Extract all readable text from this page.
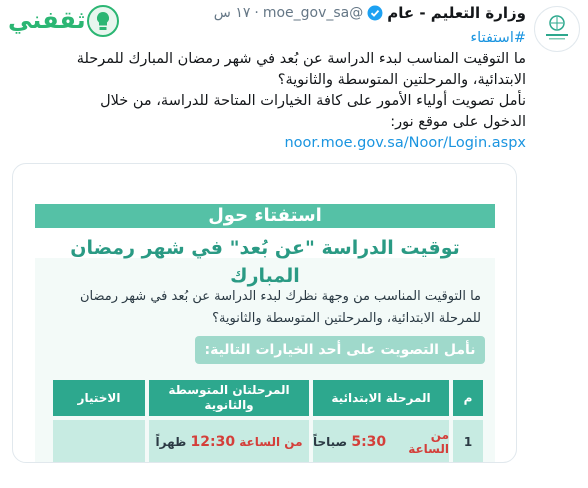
ثقفني	وزارة التعليم - عام
@moe_gov_sa
·
١٧ س
#استفتاء
ما التوقيت المناسب لبدء الدراسة عن بُعد في شهر رمضان المبارك للمرحلة الابتدائية، والمرحلتين المتوسطة والثانوية؟
نأمل تصويت أولياء الأمور على كافة الخيارات المتاحة للدراسة، من خلال الدخول على موقع نور:
noor.moe.gov.sa/Noor/Login.aspx
استفتاء حول
توقيت الدراسة "عن بُعد" في شهر رمضان المبارك
ما التوقيت المناسب من وجهة نظرك لبدء الدراسة عن بُعد في شهر رمضان للمرحلة الابتدائية، والمرحلتين المتوسطة والثانوية؟
نأمل التصويت على أحد الخيارات التالية:
م
المرحلة الابتدائية
المرحلتان المتوسطة والثانوية
الاختيار
1
من الساعة

5:30

صباحاً
من الساعة

12:30

ظهراً
